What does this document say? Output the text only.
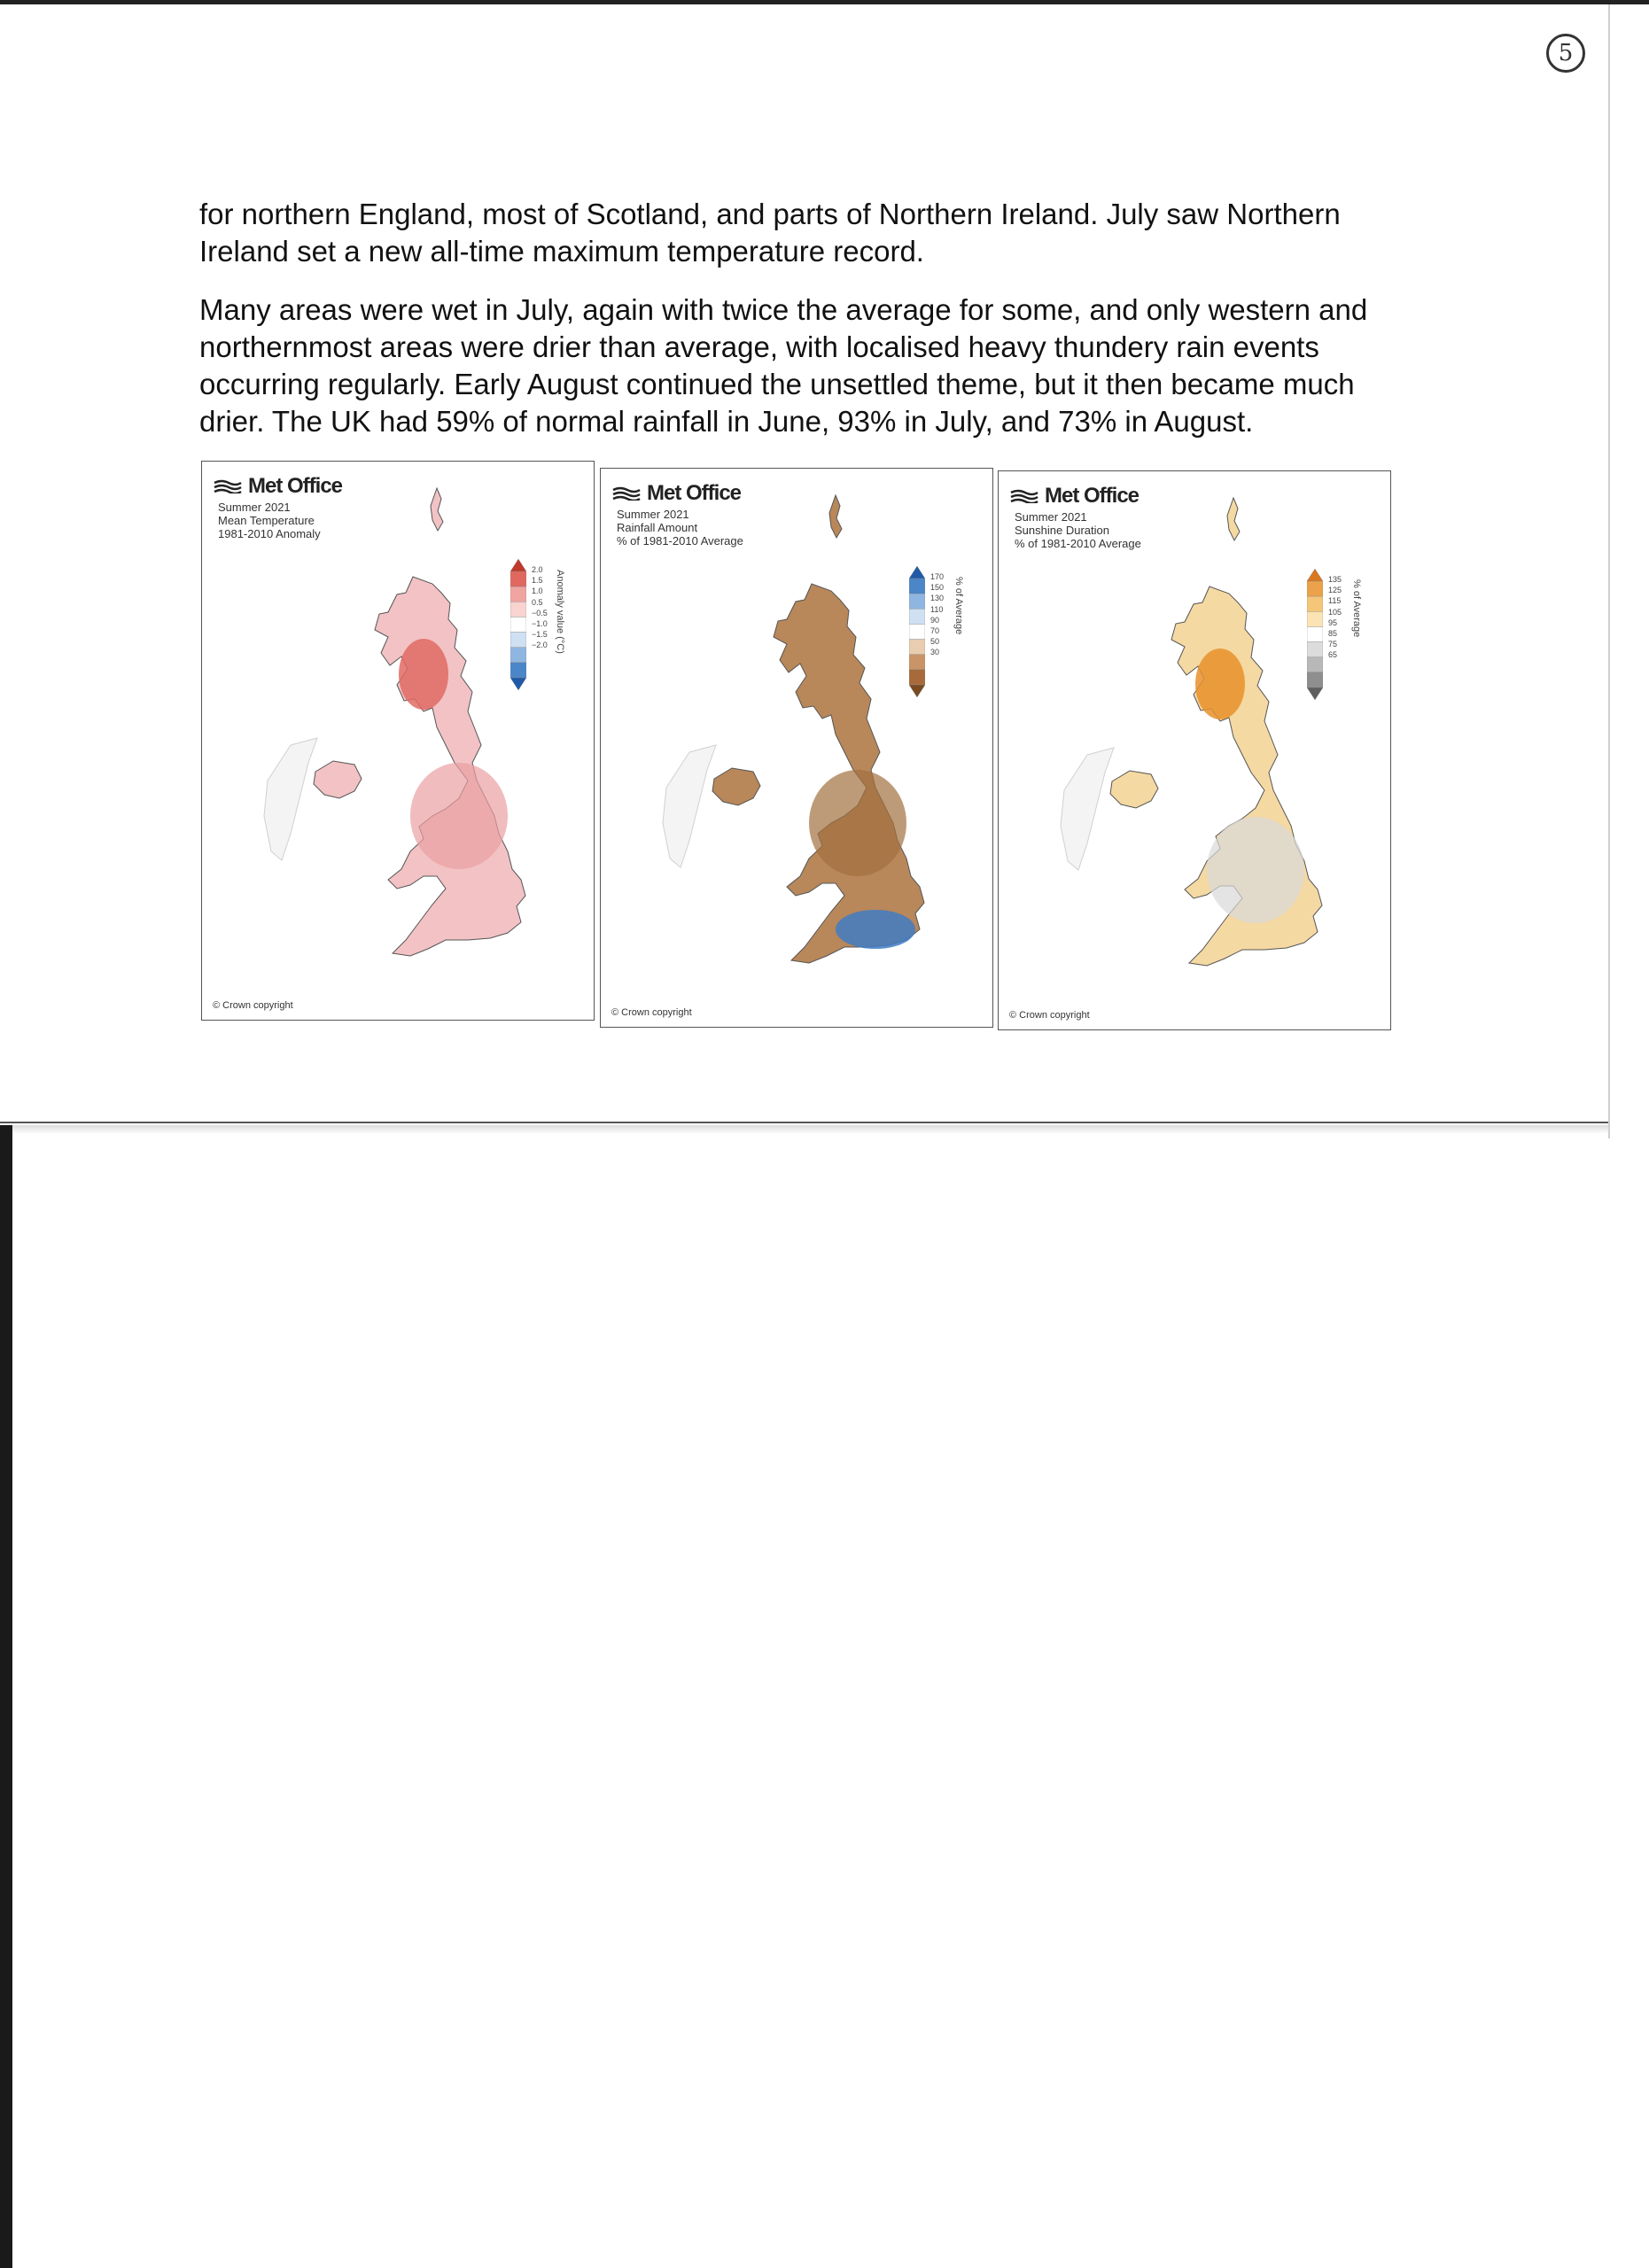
5

for northern England, most of Scotland, and parts of Northern Ireland. July saw Northern Ireland set a new all-time maximum temperature record.

Many areas were wet in July, again with twice the average for some, and only western and northernmost areas were drier than average, with localised heavy thundery rain events occurring regularly. Early August continued the unsettled theme, but it then became much drier. The UK had 59% of normal rainfall in June, 93% in July, and 73% in August.

Met Office
Summer 2021
Mean Temperature
1981-2010 Anomaly
2.0
1.5
1.0
0.5
−0.5
−1.0
−1.5
−2.0 Anomaly value (°C)
© Crown copyright
Met Office
Summer 2021
Rainfall Amount
% of 1981-2010 Average
170
150
130
110
90
70
50
30
% of Average
© Crown copyright
Met Office
Summer 2021
Sunshine Duration
% of 1981-2010 Average
135
125
115
105
95
85
75
65
% of Average
© Crown copyright
